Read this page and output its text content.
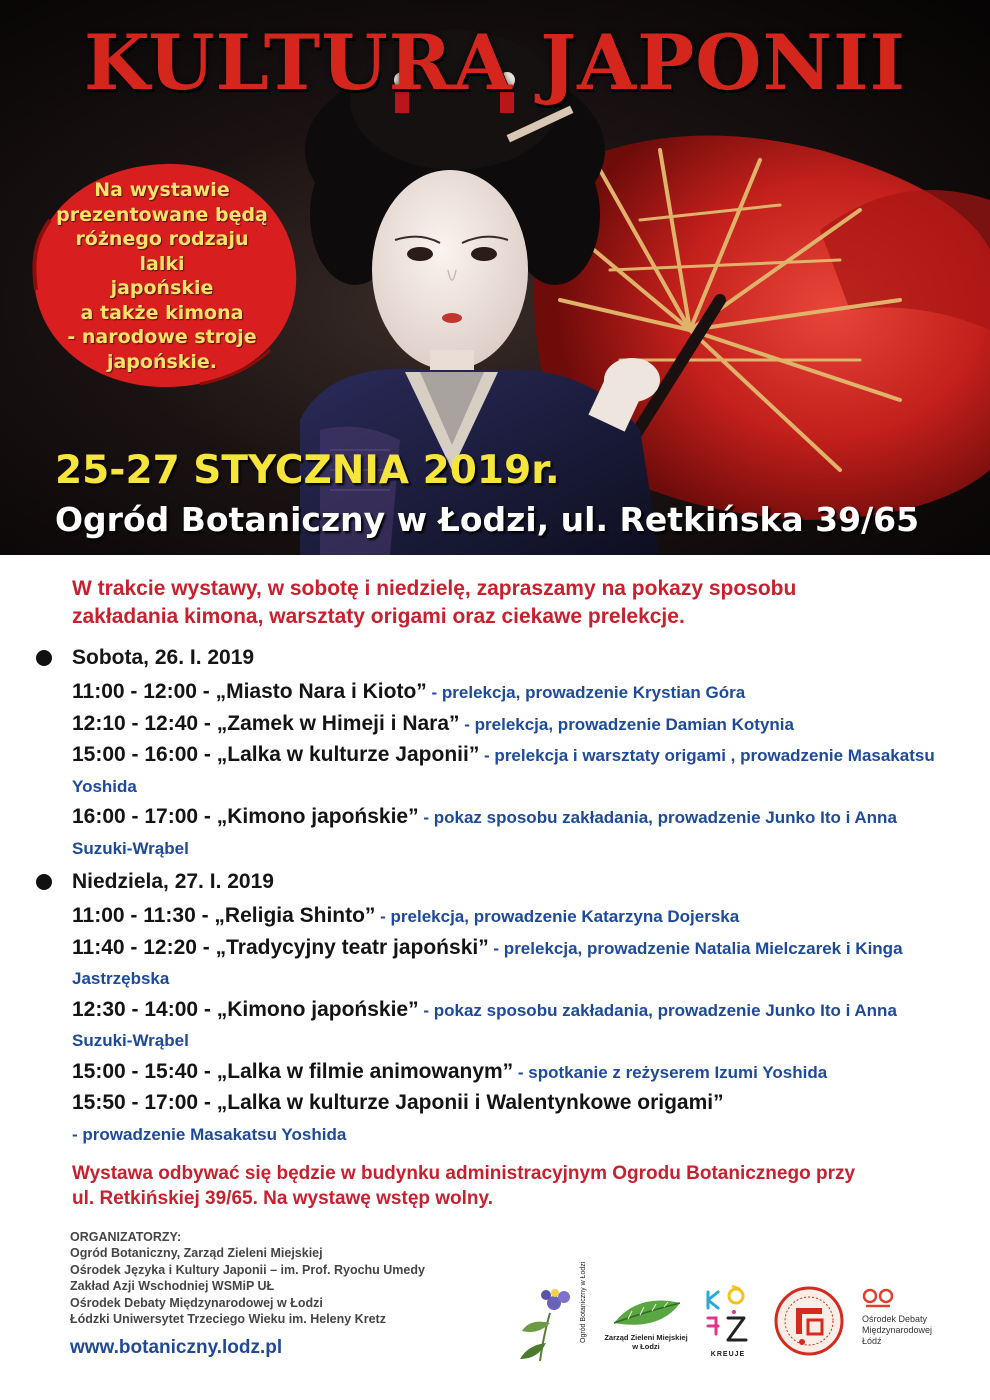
KULTURA JAPONII
Na wystawie
prezentowane będą
różnego rodzaju lalki
japońskie
a także kimona
- narodowe stroje
japońskie.

25-27 STYCZNIA 2019r.

Ogród Botaniczny w Łodzi, ul. Retkińska 39/65

W trakcie wystawy, w sobotę i niedzielę, zapraszamy na pokazy sposobu
zakładania kimona, warsztaty origami oraz ciekawe prelekcje.
Sobota, 26. I. 2019

11:00 - 12:00 - „Miasto Nara i Kioto” - prelekcja, prowadzenie Krystian Góra

12:10 - 12:40 - „Zamek w Himeji i Nara” - prelekcja, prowadzenie Damian Kotynia

15:00 - 16:00 - „Lalka w kulturze Japonii” - prelekcja i warsztaty origami , prowadzenie Masakatsu Yoshida

16:00 - 17:00 - „Kimono japońskie” - pokaz sposobu zakładania, prowadzenie Junko Ito i Anna Suzuki-Wrąbel

Niedziela, 27. I. 2019

11:00 - 11:30 - „Religia Shinto” - prelekcja, prowadzenie Katarzyna Dojerska

11:40 - 12:20 - „Tradycyjny teatr japoński” - prelekcja, prowadzenie Natalia Mielczarek i Kinga Jastrzębska

12:30 - 14:00 - „Kimono japońskie” - pokaz sposobu zakładania, prowadzenie Junko Ito i Anna Suzuki-Wrąbel

15:00 - 15:40 - „Lalka w filmie animowanym” - spotkanie z reżyserem Izumi Yoshida

15:50 - 17:00 - „Lalka w kulturze Japonii i Walentynkowe origami”
- prowadzenie Masakatsu Yoshida

Wystawa odbywać się będzie w budynku administracyjnym Ogrodu Botanicznego przy
ul. Retkińskiej 39/65. Na wystawę wstęp wolny.

ORGANIZATORZY:

Ogród Botaniczny, Zarząd Zieleni Miejskiej

Ośrodek Języka i Kultury Japonii – im. Prof. Ryochu Umedy

Zakład Azji Wschodniej WSMiP UŁ

Ośrodek Debaty Międzynarodowej w Łodzi

Łódzki Uniwersytet Trzeciego Wieku im. Heleny Kretz

www.botaniczny.lodz.pl
Ogród Botaniczny w Łodzi Zarząd Zieleni Miejskiej
w Łodzi
KREUJE
Ośrodek Debaty
Międzynarodowej
Łódź
